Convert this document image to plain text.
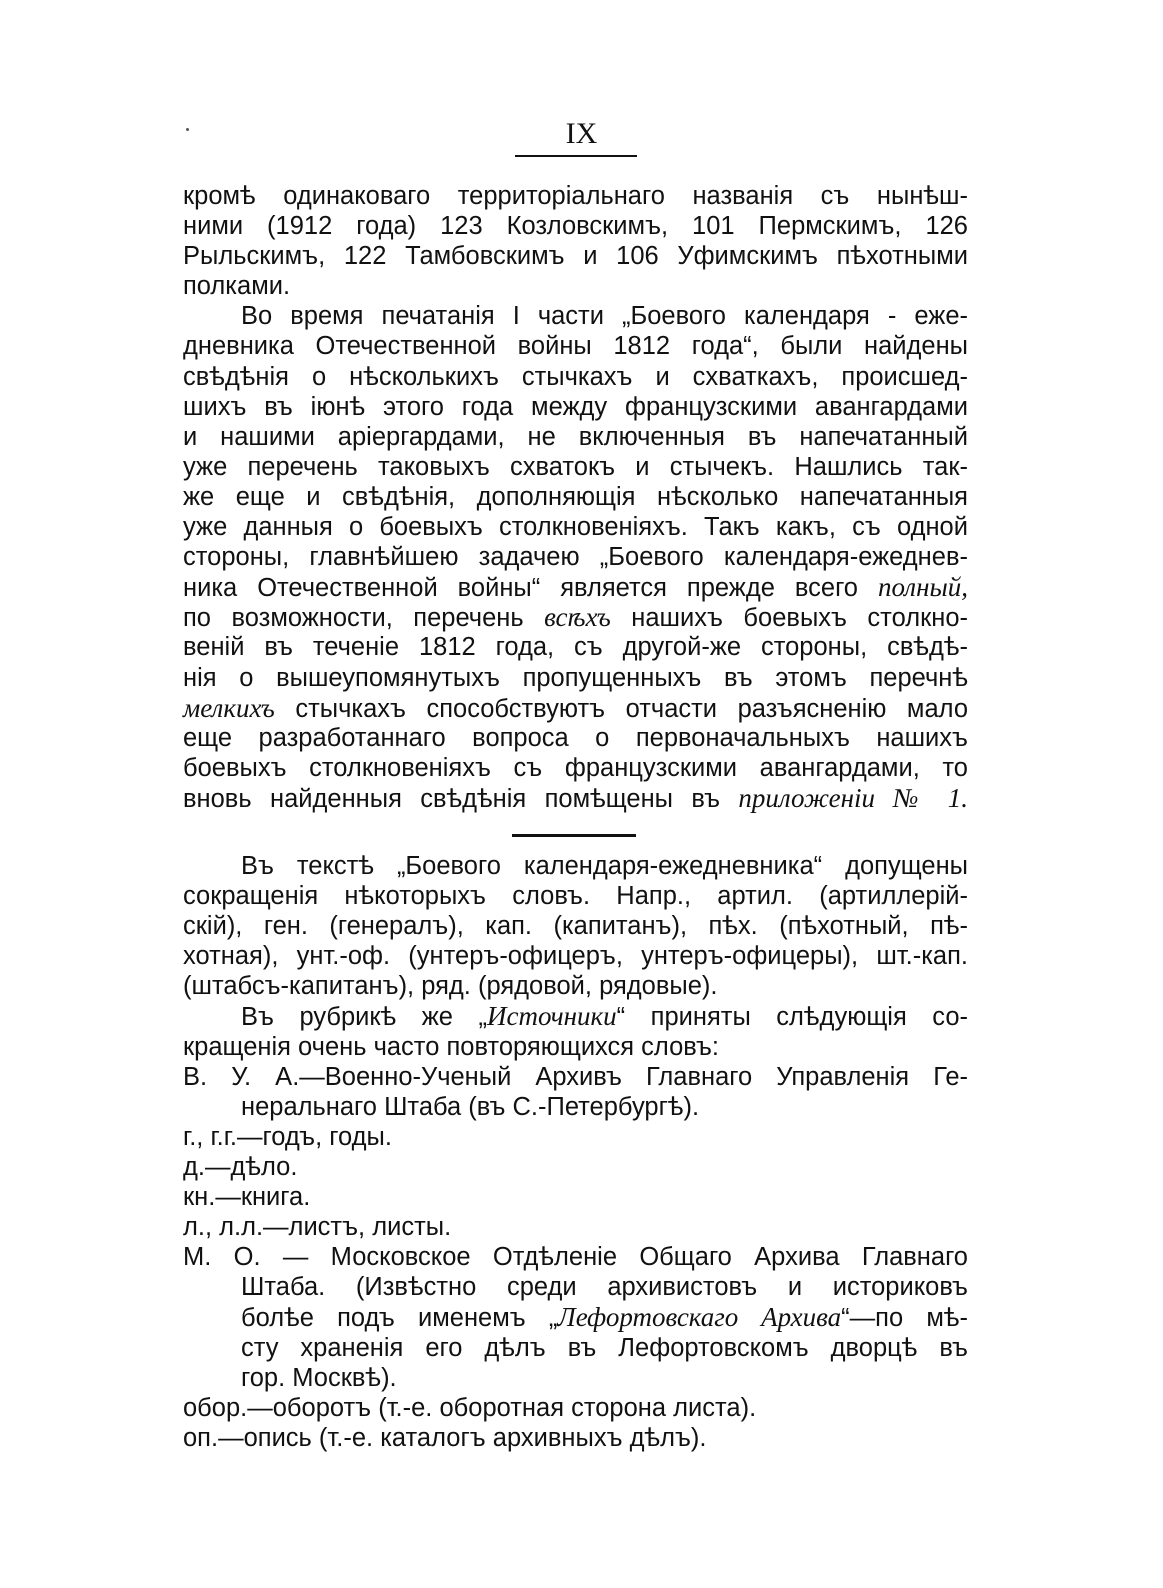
IX
кромѣ одинаковаго территоріальнаго названія съ нынѣш-
ними (1912 года) 123 Козловскимъ, 101 Пермскимъ, 126
Рыльскимъ, 122 Тамбовскимъ и 106 Уфимскимъ пѣхотными
полками.
Во время печатанія I части „Боевого календаря - еже-
дневника Отечественной войны 1812 года“, были найдены
свѣдѣнія о нѣсколькихъ стычкахъ и схваткахъ, происшед-
шихъ въ іюнѣ этого года между французскими авангардами
и нашими аріергардами, не включенныя въ напечатанный
уже перечень таковыхъ схватокъ и стычекъ. Нашлись так-
же еще и свѣдѣнія, дополняющія нѣсколько напечатанныя
уже данныя о боевыхъ столкновеніяхъ. Такъ какъ, съ одной
стороны, главнѣйшею задачею „Боевого календаря-ежеднев-
ника Отечественной войны“ является прежде всего полный,
по возможности, перечень всѣхъ нашихъ боевыхъ столкно-
веній въ теченіе 1812 года, съ другой-же стороны, свѣдѣ-
нія о вышеупомянутыхъ пропущенныхъ въ этомъ перечнѣ
мелкихъ стычкахъ способствуютъ отчасти разъясненію мало
еще разработаннаго вопроса о первоначальныхъ нашихъ
боевыхъ столкновеніяхъ съ французскими авангардами, то
вновь найденныя свѣдѣнія помѣщены въ приложеніи № 1.
Въ текстѣ „Боевого календаря-ежедневника“ допущены
сокращенія нѣкоторыхъ словъ. Напр., артил. (артиллерій-
скій), ген. (генералъ), кап. (капитанъ), пѣх. (пѣхотный, пѣ-
хотная), унт.-оф. (унтеръ-офицеръ, унтеръ-офицеры), шт.-кап.
(штабсъ-капитанъ), ряд. (рядовой, рядовые).
Въ рубрикѣ же „Источники“ приняты слѣдующія со-
кращенія очень часто повторяющихся словъ:
В. У. А.—Военно-Ученый Архивъ Главнаго Управленія Ге-
неральнаго Штаба (въ С.-Петербургѣ).
г., г.г.—годъ, годы.
д.—дѣло.
кн.—книга.
л., л.л.—листъ, листы.
М. О. — Московское Отдѣленіе Общаго Архива Главнаго
Штаба. (Извѣстно среди архивистовъ и историковъ
болѣе подъ именемъ „Лефортовскаго Архива“—по мѣ-
сту храненія его дѣлъ въ Лефортовскомъ дворцѣ въ
гор. Москвѣ).
обор.—оборотъ (т.-е. оборотная сторона листа).
оп.—опись (т.-е. каталогъ архивныхъ дѣлъ).
